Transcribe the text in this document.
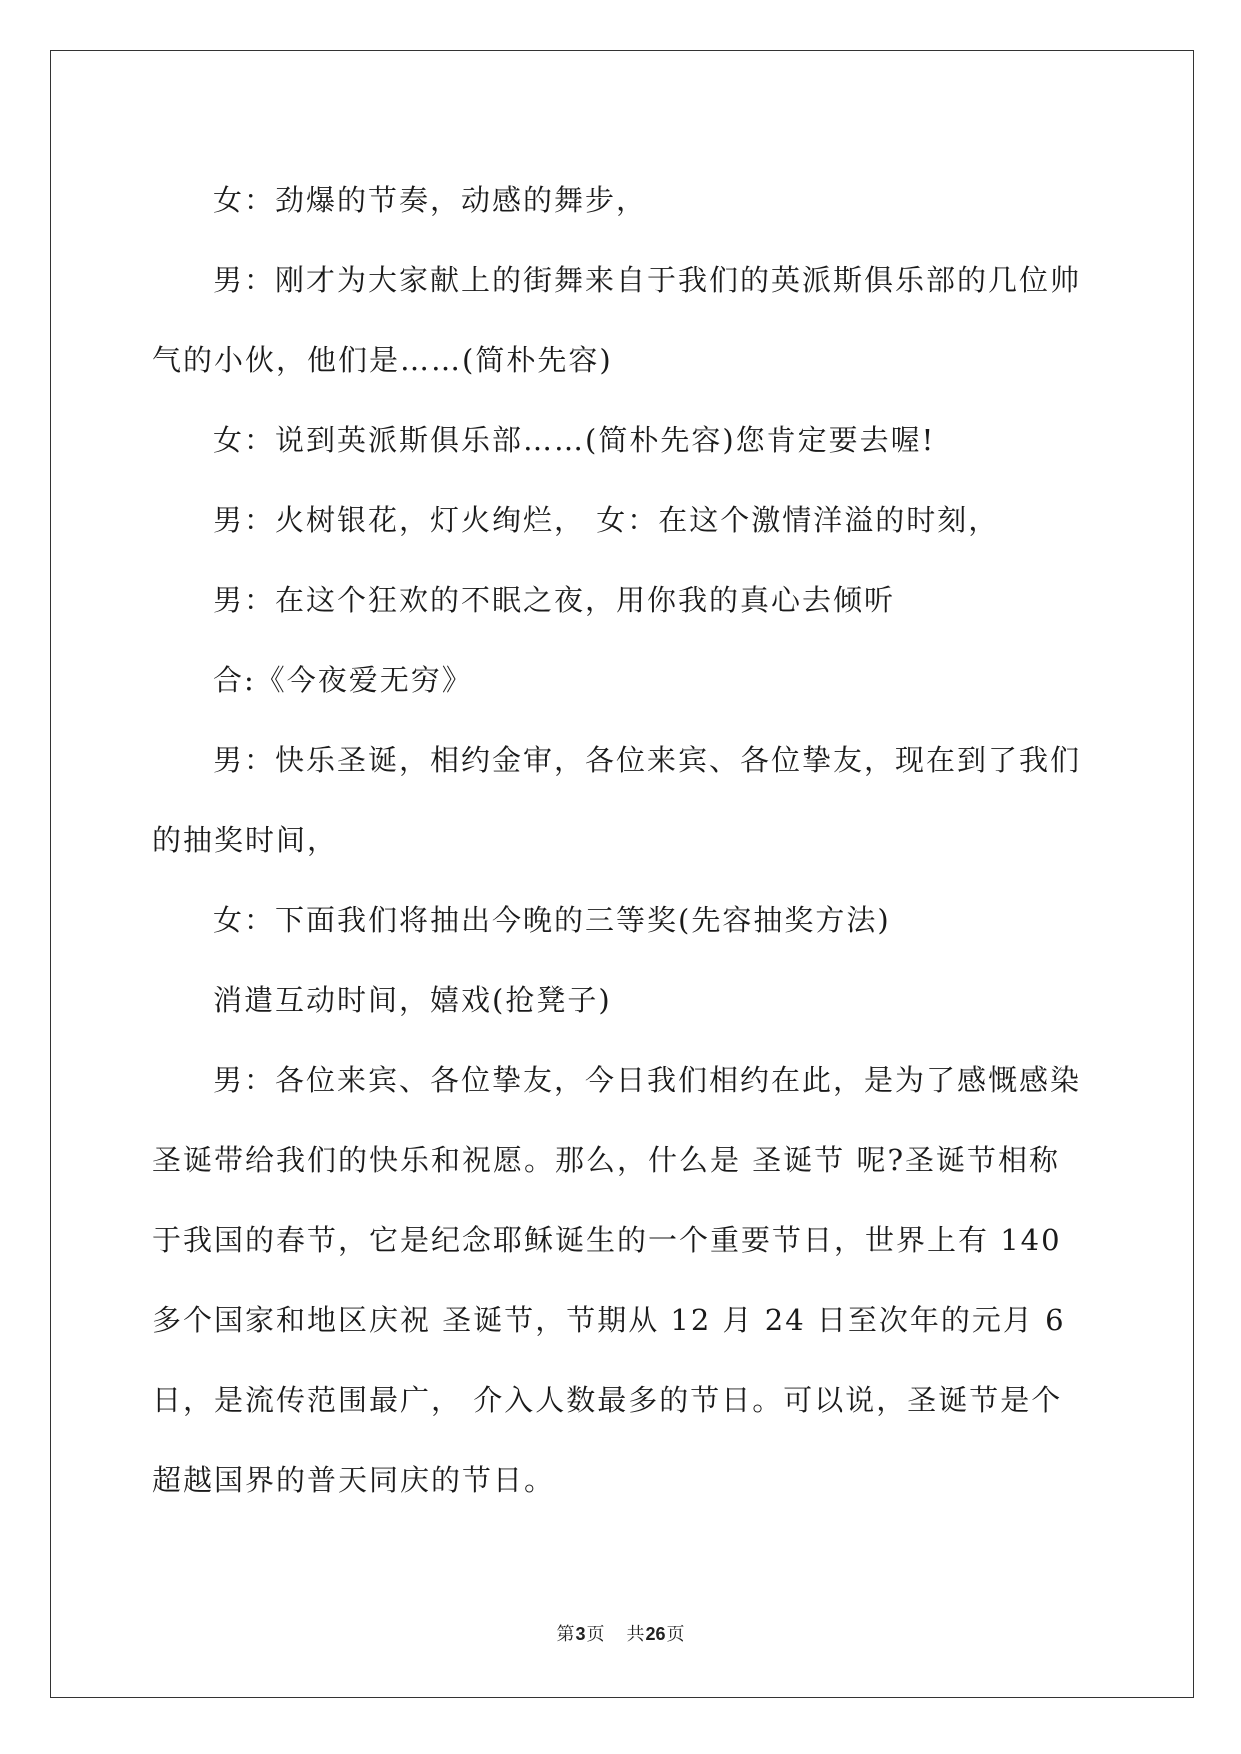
女：劲爆的节奏，动感的舞步，

男：刚才为大家献上的街舞来自于我们的英派斯俱乐部的几位帅气的小伙，他们是……(简朴先容)

女：说到英派斯俱乐部……(简朴先容)您肯定要去喔!

男：火树银花，灯火绚烂， 女：在这个激情洋溢的时刻，

男：在这个狂欢的不眠之夜，用你我的真心去倾听

合:《今夜爱无穷》

男：快乐圣诞，相约金审，各位来宾、各位挚友，现在到了我们的抽奖时间，

女：下面我们将抽出今晚的三等奖(先容抽奖方法)

消遣互动时间，嬉戏(抢凳子)

男：各位来宾、各位挚友，今日我们相约在此，是为了感慨感染圣诞带给我们的快乐和祝愿。那么，什么是 圣诞节 呢?圣诞节相称于我国的春节，它是纪念耶稣诞生的一个重要节日，世界上有 140 多个国家和地区庆祝 圣诞节，节期从 12 月 24 日至次年的元月 6 日，是流传范围最广， 介入人数最多的节日。可以说，圣诞节是个超越国界的普天同庆的节日。

第3页 共26页
